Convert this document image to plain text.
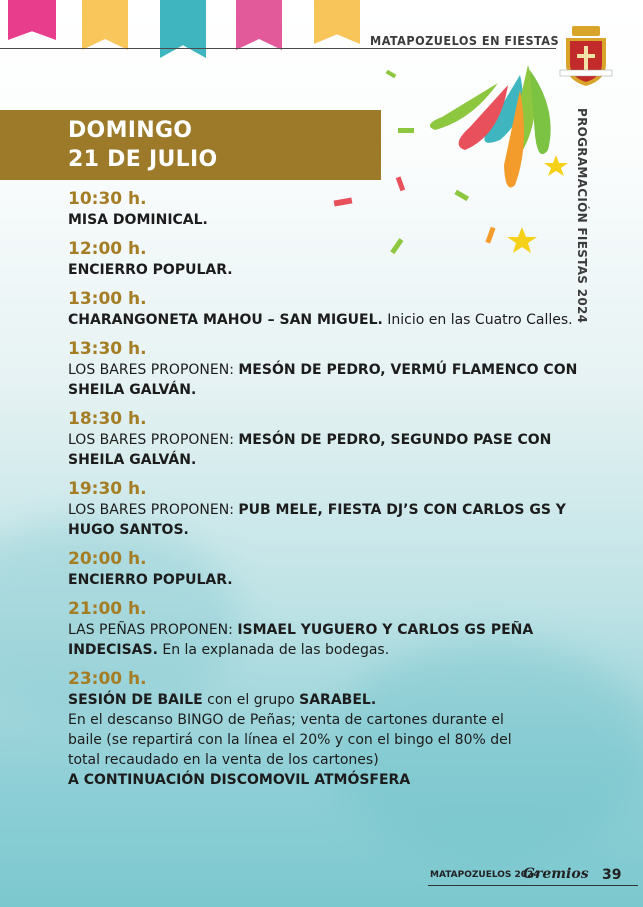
MATAPOZUELOS EN FIESTAS
PROGRAMACIÓN FIESTAS 2024
DOMINGO
21 DE JULIO
10:30 h.
MISA DOMINICAL.
12:00 h.
ENCIERRO POPULAR.
13:00 h.
CHARANGONETA MAHOU – SAN MIGUEL. Inicio en las Cuatro Calles.
13:30 h.
LOS BARES PROPONEN: MESÓN DE PEDRO, VERMÚ FLAMENCO CON
SHEILA GALVÁN.
18:30 h.
LOS BARES PROPONEN: MESÓN DE PEDRO, SEGUNDO PASE CON
SHEILA GALVÁN.
19:30 h.
LOS BARES PROPONEN: PUB MELE, FIESTA DJ’S CON CARLOS GS Y
HUGO SANTOS.
20:00 h.
ENCIERRO POPULAR.
21:00 h.
LAS PEÑAS PROPONEN: ISMAEL YUGUERO Y CARLOS GS PEÑA
INDECISAS. En la explanada de las bodegas.
23:00 h.
SESIÓN DE BAILE con el grupo SARABEL.
En el descanso BINGO de Peñas; venta de cartones durante el
baile (se repartirá con la línea el 20% y con el bingo el 80% del
total recaudado en la venta de los cartones)
A CONTINUACIÓN DISCOMOVIL ATMÓSFERA
MATAPOZUELOS 2024
Gremios 39
